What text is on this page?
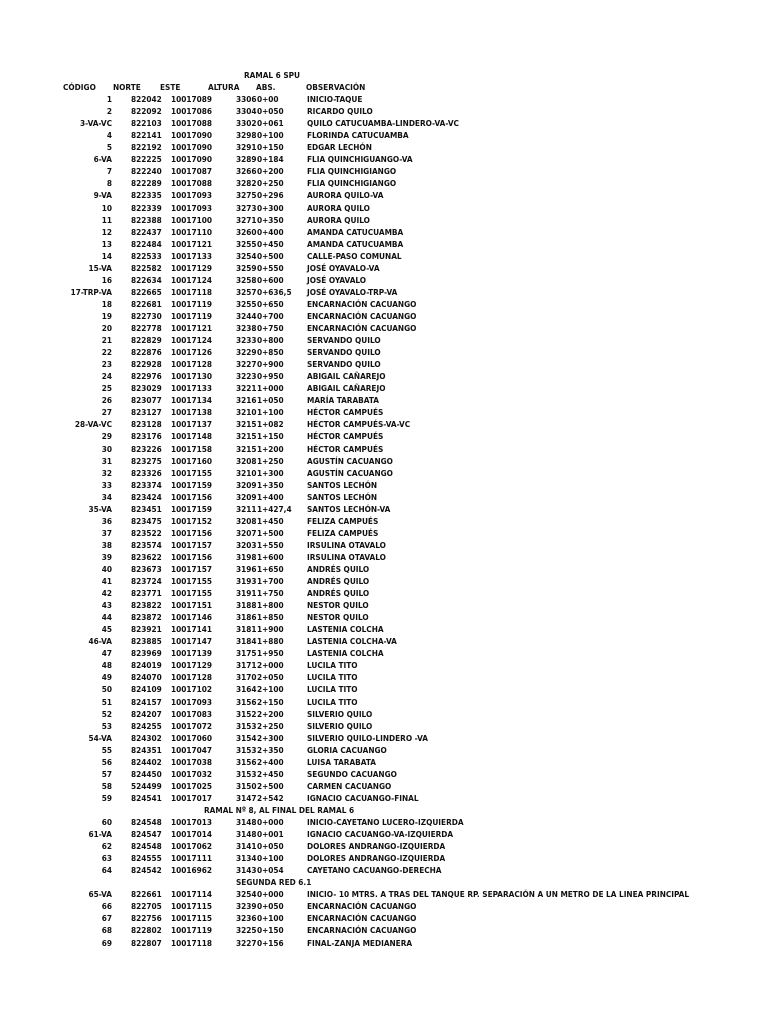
RAMAL 6 SPU
CÓDIGO NORTE ESTE	ALTURA ABS.	OBSERVACIÓN
1 822042 10017089	3306 0+00	INICIO-TAQUE
2 822092 10017086	3304 0+050	RICARDO QUILO
3-VA-VC 822103 10017088	3302 0+061	QUILO CATUCUAMBA-LINDERO-VA-VC
4 822141 10017090	3298 0+100	FLORINDA CATUCUAMBA
5 822192 10017090	3291 0+150	EDGAR LECHÓN
6-VA 822225 10017090	3289 0+184	FLIA QUINCHIGUANGO-VA
7 822240 10017087	3266 0+200	FLIA QUINCHIGIANGO
8 822289 10017088	3282 0+250	FLIA QUINCHIGIANGO
9-VA 822335 10017093	3275 0+296	AURORA QUILO-VA
10 822339 10017093	3273 0+300	AURORA QUILO
11 822388 10017100	3271 0+350	AURORA QUILO
12 822437 10017110	3260 0+400	AMANDA CATUCUAMBA
13 822484 10017121	3255 0+450	AMANDA CATUCUAMBA
14 822533 10017133	3254 0+500	CALLE-PASO COMUNAL
15-VA 822582 10017129	3259 0+550	JOSÉ OYAVALO-VA
16 822634 10017124	3258 0+600	JOSÉ OYAVALO
17-TRP-VA 822665 10017118	3257 0+636,5 JOSÉ OYAVALO-TRP-VA
18 822681 10017119	3255 0+650	ENCARNACIÓN CACUANGO
19 822730 10017119	3244 0+700	ENCARNACIÓN CACUANGO
20 822778 10017121	3238 0+750	ENCARNACIÓN CACUANGO
21 822829 10017124	3233 0+800	SERVANDO QUILO
22 822876 10017126	3229 0+850	SERVANDO QUILO
23 822928 10017128	3227 0+900	SERVANDO QUILO
24 822976 10017130	3223 0+950	ABIGAIL CAÑAREJO
25 823029 10017133	3221 1+000	ABIGAIL CAÑAREJO
26 823077 10017134	3216 1+050	MARÍA TARABATA
27 823127 10017138	3210 1+100	HÉCTOR CAMPUÉS
28-VA-VC 823128 10017137	3215 1+082	HÉCTOR CAMPUÉS-VA-VC
29 823176 10017148	3215 1+150	HÉCTOR CAMPUÉS
30 823226 10017158	3215 1+200	HÉCTOR CAMPUÉS
31 823275 10017160	3208 1+250	AGUSTÍN CACUANGO
32 823326 10017155	3210 1+300	AGUSTÍN CACUANGO
33 823374 10017159	3209 1+350	SANTOS LECHÓN
34 823424 10017156	3209 1+400	SANTOS LECHÓN
35-VA 823451 10017159	3211 1+427,4 SANTOS LECHÓN-VA
36 823475 10017152	3208 1+450	FELIZA CAMPUÉS
37 823522 10017156	3207 1+500	FELIZA CAMPUÉS
38 823574 10017157	3203 1+550	IRSULINA OTAVALO
39 823622 10017156	3198 1+600	IRSULINA OTAVALO
40 823673 10017157	3196 1+650	ANDRÉS QUILO
41 823724 10017155	3193 1+700	ANDRÉS QUILO
42 823771 10017155	3191 1+750	ANDRÉS QUILO
43 823822 10017151	3188 1+800	NESTOR QUILO
44 823872 10017146	3186 1+850	NESTOR QUILO
45 823921 10017141	3181 1+900	LASTENIA COLCHA
46-VA 823885 10017147	3184 1+880	LASTENIA COLCHA-VA
47 823969 10017139	3175 1+950	LASTENIA COLCHA
48 824019 10017129	3171 2+000	LUCILA TITO
49 824070 10017128	3170 2+050	LUCILA TITO
50 824109 10017102	3164 2+100	LUCILA TITO
51 824157 10017093	3156 2+150	LUCILA TITO
52 824207 10017083	3152 2+200	SILVERIO QUILO
53 824255 10017072	3153 2+250	SILVERIO QUILO
54-VA 824302 10017060	3154 2+300	SILVERIO QUILO-LINDERO -VA
55 824351 10017047	3153 2+350	GLORIA CACUANGO
56 824402 10017038	3156 2+400	LUISA TARABATA
57 824450 10017032	3153 2+450	SEGUNDO CACUANGO
58 524499 10017025	3150 2+500	CARMEN CACUANGO
59 824541 10017017	3147 2+542	IGNACIO CACUANGO-FINAL
RAMAL Nº 8, AL FINAL DEL RAMAL 6
60 824548 10017013	3148 0+000	INICIO-CAYETANO LUCERO-IZQUIERDA
61-VA 824547 10017014	3148 0+001	IGNACIO CACUANGO-VA-IZQUIERDA
62 824548 10017062	3141 0+050	DOLORES ANDRANGO-IZQUIERDA
63 824555 10017111	3134 0+100	DOLORES ANDRANGO-IZQUIERDA
64 824542 10016962	3143 0+054	CAYETANO CACUANGO-DERECHA
SEGUNDA RED 6.1
65-VA 822661 10017114	3254 0+000	INICIO- 10 MTRS. A TRAS DEL TANQUE RP. SEPARACIÓN A UN METRO DE LA LINEA PRINCIPAL
66 822705 10017115	3239 0+050	ENCARNACIÓN CACUANGO
67 822756 10017115	3236 0+100	ENCARNACIÓN CACUANGO
68 822802 10017119	3225 0+150	ENCARNACIÓN CACUANGO
69 822807 10017118	3227 0+156	FINAL-ZANJA MEDIANERA
